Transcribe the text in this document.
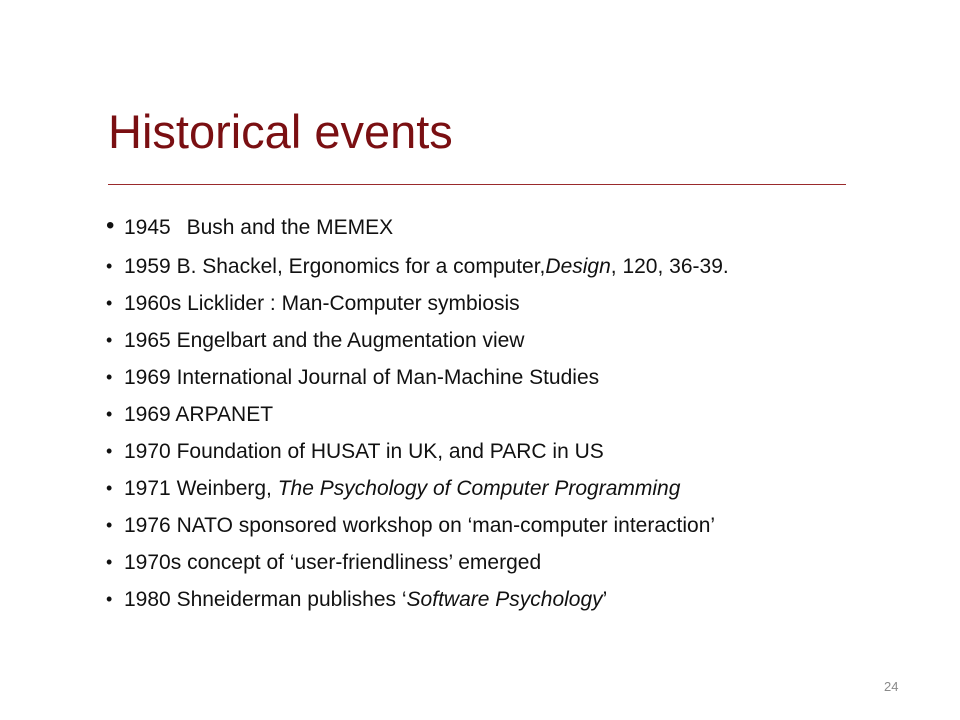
Historical events
• 1945 Bush and the MEMEX
• 1959 B. Shackel, Ergonomics for a computer,Design, 120, 36-39.
• 1960s Licklider : Man-Computer symbiosis
• 1965 Engelbart and the Augmentation view
• 1969 International Journal of Man-Machine Studies
• 1969 ARPANET
• 1970 Foundation of HUSAT in UK, and PARC in US
• 1971 Weinberg, The Psychology of Computer Programming
• 1976 NATO sponsored workshop on ‘man-computer interaction’
• 1970s concept of ‘user-friendliness’ emerged
• 1980 Shneiderman publishes ‘Software Psychology’
24
